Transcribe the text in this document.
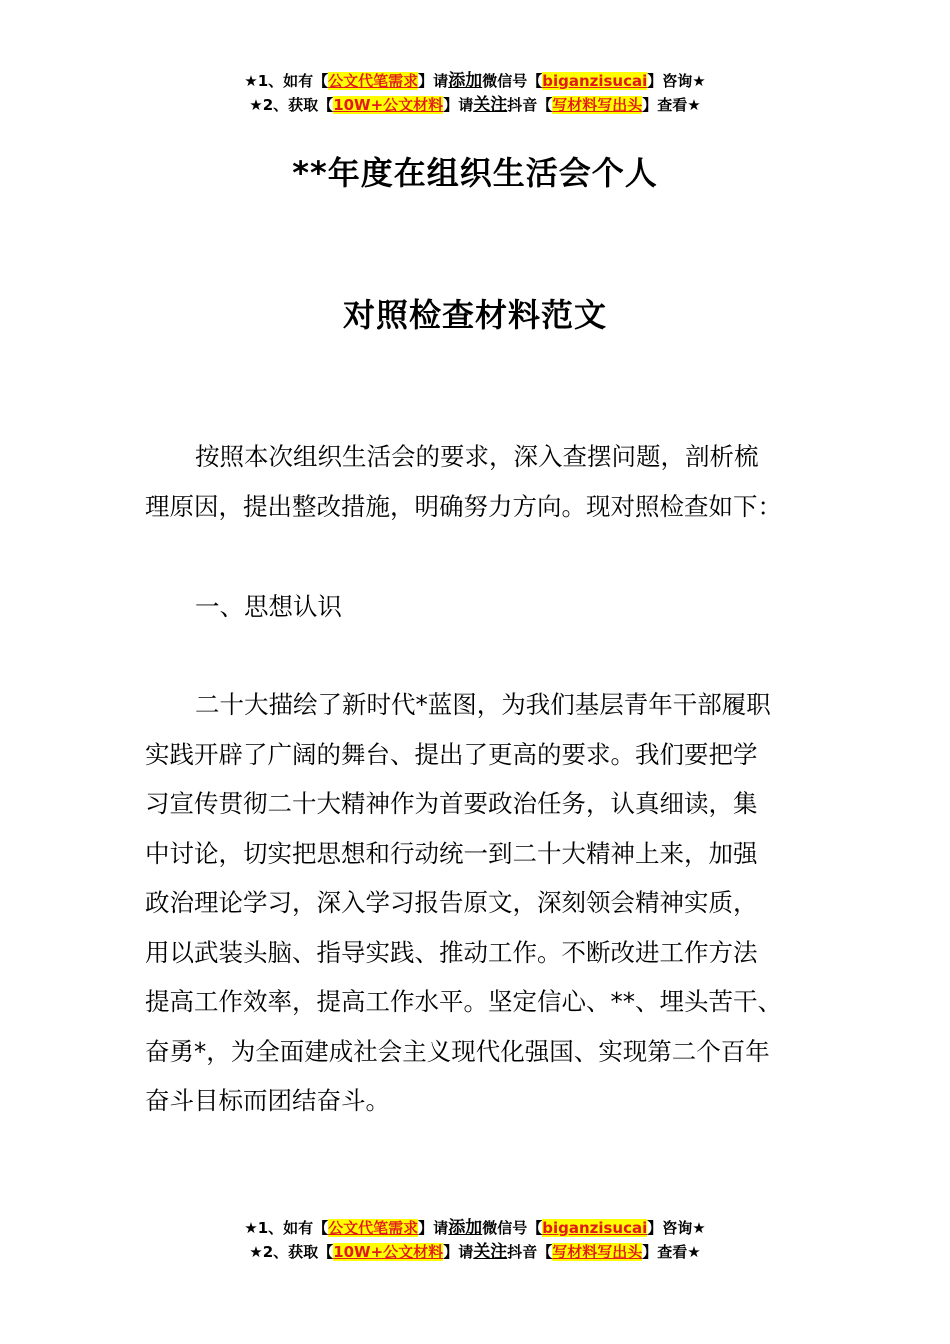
★1、如有【公文代笔需求】请添加微信号【biganzisucai】咨询★
★2、获取【10W+公文材料】请关注抖音【写材料写出头】查看★
**年度在组织生活会个人
对照检查材料范文
按照本次组织生活会的要求，深入查摆问题，剖析梳
理原因，提出整改措施，明确努力方向。现对照检查如下：
一、思想认识
二十大描绘了新时代*蓝图，为我们基层青年干部履职
实践开辟了广阔的舞台、提出了更高的要求。我们要把学
习宣传贯彻二十大精神作为首要政治任务，认真细读，集
中讨论，切实把思想和行动统一到二十大精神上来，加强
政治理论学习，深入学习报告原文，深刻领会精神实质，
用以武装头脑、指导实践、推动工作。不断改进工作方法
提高工作效率，提高工作水平。坚定信心、**、埋头苦干、
奋勇*，为全面建成社会主义现代化强国、实现第二个百年
奋斗目标而团结奋斗。
★1、如有【公文代笔需求】请添加微信号【biganzisucai】咨询★
★2、获取【10W+公文材料】请关注抖音【写材料写出头】查看★
